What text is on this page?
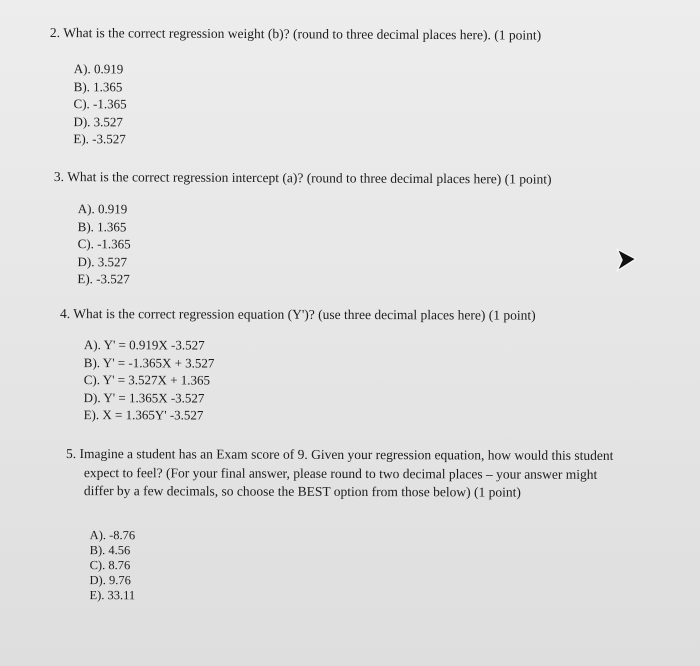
2. What is the correct regression weight (b)? (round to three decimal places here). (1 point)

A). 0.919
B). 1.365
C). -1.365
D). 3.527
E). -3.527

3. What is the correct regression intercept (a)? (round to three decimal places here) (1 point)

A). 0.919
B). 1.365
C). -1.365
D). 3.527
E). -3.527

4. What is the correct regression equation (Y')? (use three decimal places here) (1 point)

A). Y' = 0.919X -3.527
B). Y' = -1.365X + 3.527
C). Y' = 3.527X + 1.365
D). Y' = 1.365X -3.527
E). X = 1.365Y' -3.527

5. Imagine a student has an Exam score of 9. Given your regression equation, how would this student expect to feel? (For your final answer, please round to two decimal places – your answer might differ by a few decimals, so choose the BEST option from those below) (1 point)

A). -8.76
B). 4.56
C). 8.76
D). 9.76
E). 33.11
